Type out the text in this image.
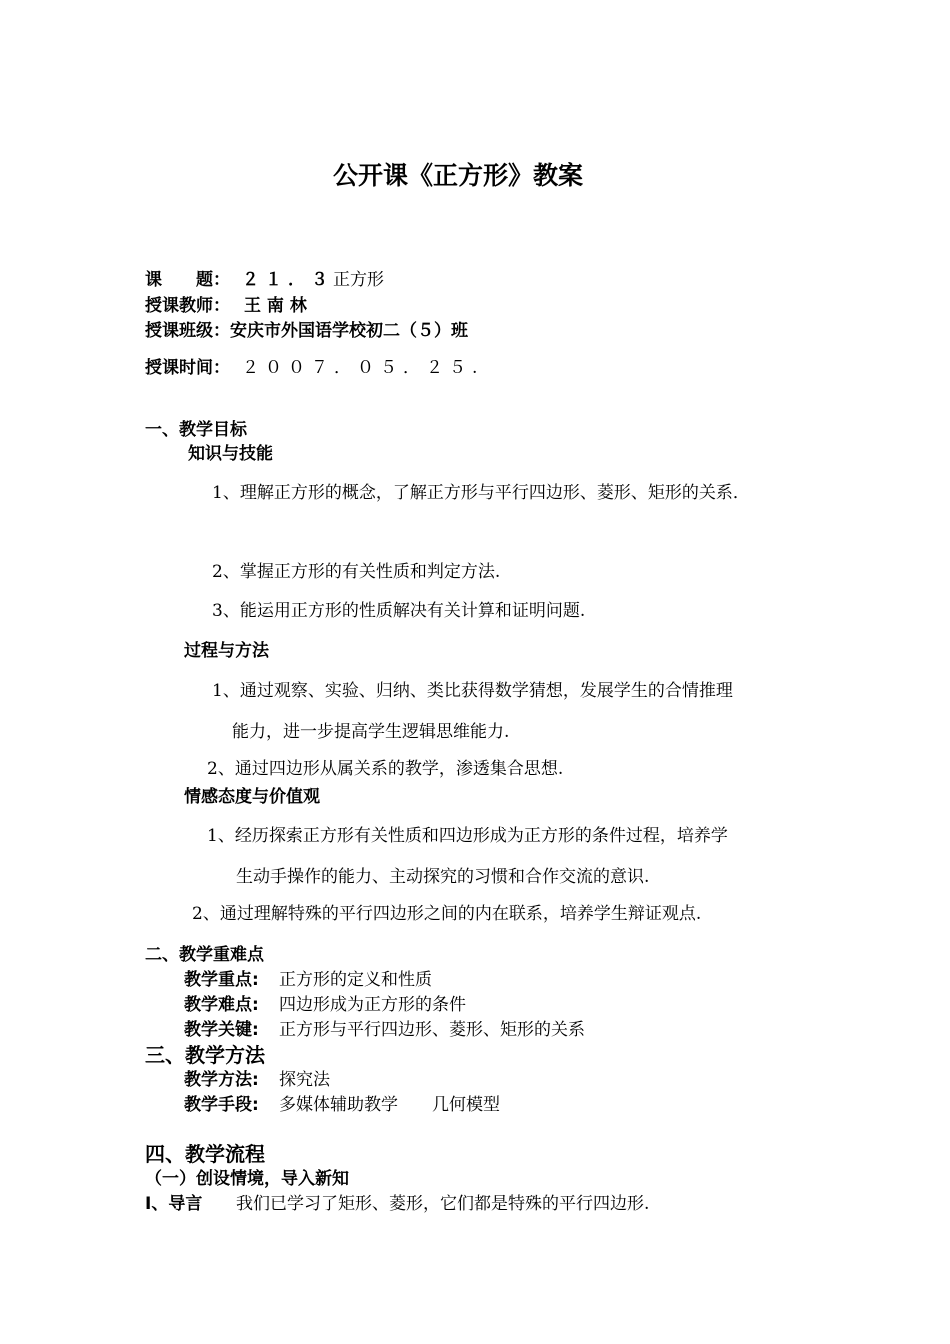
公开课《正方形》教案
课　　题： ２１．３ 正方形
授课教师： 王 南 林
授课班级： 安庆市外国语学校初二（５）班
授课时间： ２００７．０５．２５.
一、教学目标
知识与技能
1、理解正方形的概念，了解正方形与平行四边形、菱形、矩形的关系．
2、掌握正方形的有关性质和判定方法.
3、能运用正方形的性质解决有关计算和证明问题.
过程与方法
1、通过观察、实验、归纳、类比获得数学猜想，发展学生的合情推理
能力，进一步提高学生逻辑思维能力.
2、通过四边形从属关系的教学，渗透集合思想.
情感态度与价值观
1、经历探索正方形有关性质和四边形成为正方形的条件过程，培养学
生动手操作的能力、主动探究的习惯和合作交流的意识.
2、通过理解特殊的平行四边形之间的内在联系，培养学生辩证观点.
二、教学重难点
教学重点: 正方形的定义和性质
教学难点: 四边形成为正方形的条件
教学关键: 正方形与平行四边形、菱形、矩形的关系
三、教学方法
教学方法: 探究法
教学手段: 多媒体辅助教学　　几何模型
四、教学流程
（一）创设情境，导入新知
Ⅰ、导言 我们已学习了矩形、菱形，它们都是特殊的平行四边形.
